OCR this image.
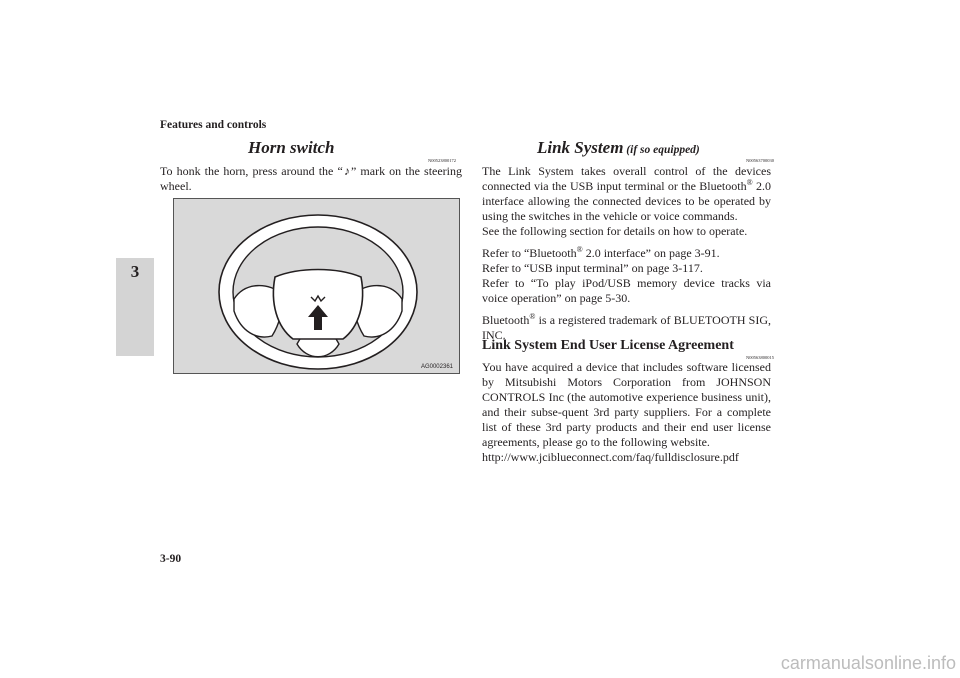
Features and controls
3
Horn switch
N00523800172
To honk the horn, press around the “♪” mark on the steering wheel.
AG0002361
Link System (if so equipped)
N00563700030

The Link System takes overall control of the devices connected via the USB input terminal or the Bluetooth® 2.0 interface allowing the connected devices to be operated by using the switches in the vehicle or voice commands.

See the following section for details on how to operate.

Refer to “Bluetooth® 2.0 interface” on page 3-91.

Refer to “USB input terminal” on page 3-117.

Refer to “To play iPod/USB memory device tracks via voice operation” on page 5-30.

Bluetooth® is a registered trademark of BLUETOOTH SIG, INC.

Link System End User License Agreement
N00563800015

You have acquired a device that includes software licensed by Mitsubishi Motors Corporation from JOHNSON CONTROLS Inc (the automotive experience business unit), and their subse-quent 3rd party suppliers. For a complete list of these 3rd party products and their end user license agreements, please go to the following website.

http://www.jciblueconnect.com/faq/fulldisclosure.pdf

3-90
carmanualsonline.info
